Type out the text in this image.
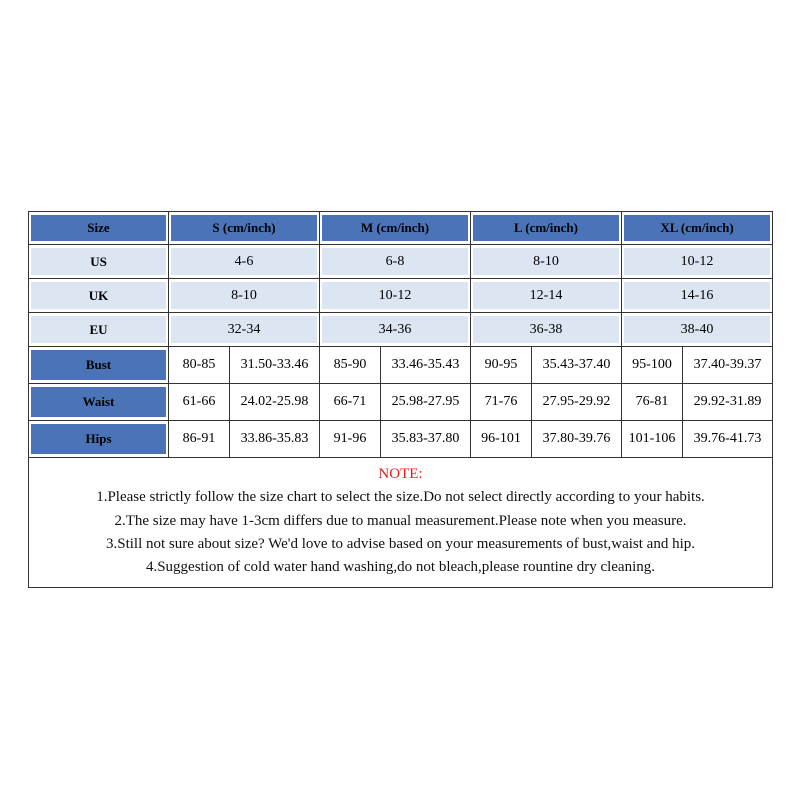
Size	S (cm/inch)	M (cm/inch)	L (cm/inch)	XL (cm/inch)
US	4-6	6-8	8-10	10-12
UK	8-10	10-12	12-14	14-16
EU	32-34	34-36	36-38	38-40
Bust	80-85	31.50-33.46	85-90	33.46-35.43	90-95	35.43-37.40	95-100	37.40-39.37
Waist	61-66	24.02-25.98	66-71	25.98-27.95	71-76	27.95-29.92	76-81	29.92-31.89
Hips	86-91	33.86-35.83	91-96	35.83-37.80	96-101	37.80-39.76	101-106	39.76-41.73
NOTE:
1.Please strictly follow the size chart to select the size.Do not select directly according to your habits.
2.The size may have 1-3cm differs due to manual measurement.Please note when you measure.
3.Still not sure about size? We'd love to advise based on your measurements of bust,waist and hip.
4.Suggestion of cold water hand washing,do not bleach,please rountine dry cleaning.
